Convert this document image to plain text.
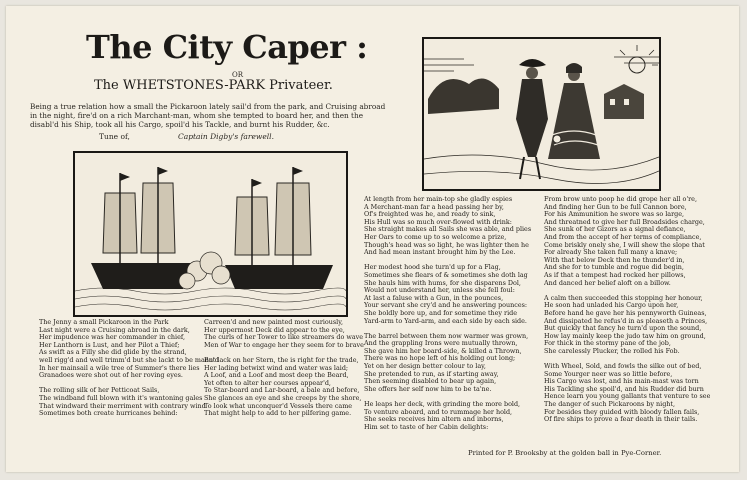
The City Caper :
OR
The WHETSTONES-PARK Privateer.
Being a true relation how a small the Pickaroon lately sail'd from the park, and Cruising abroad in the night, fire'd on a rich Marchant-man, whom she tempted to board her, and then the disabl'd his Ship, took all his Cargo, spoil'd his Tackle, and burnt his Rudder, &c.
Tune of,	Captain Digby's farewell.
The Jenny a small Pickaroon in the Park
Last night were a Cruising abroad in the dark,
Her impudence was her commander in chief,
Her Lanthorn is Lust, and her Pilot a Thief;
As swift as a Filly she did glide by the strand,
well rigg'd and well trimm'd but she lackt to be mann'd
In her mainsail a wile tree of Summer's there lies
Granadoes were shot out of her roving eyes.

The rolling silk of her Petticoat Sails,
The windband full blown with it's wantoning gales
That windward their merriment with contrary wind
Sometimes both create hurricanes behind:
Carreen'd and new painted most curiously,
Her uppermost Deck did appear to the eye,
The curls of her Tower to like streamers do wave
Men of War to engage her they seem for to brave

But lack on her Stern, the is right for the trade,
Her lading betwixt wind and water was laid;
A Loof, and a Loof and most deep the Beard,
Yet often to alter her courses appear'd,
To Star-board and Lar-board, a bale and before,
She glances an eye and she creeps by the shore,
To look what unconquer'd Vessels there came
That might help to add to her pilfering game.
At length from her main-top she gladly espies
A Merchant-man far a head passing her by,
Of's freighted was he, and ready to sink,
His Hull was so much over-flowed with drink:
She straight makes all Sails she was able, and plies
Her Oars to come up to so welcome a prize,
Though's head was so light, he was lighter then he
And had mean instant brought him by the Lee.

Her modest hood she turn'd up for a Flag,
Sometimes she flears of & sometimes she doth lag
She hauls him with hums, for she disparens Dol,
Would not understand her, unless she fell foul:
At last a faluse with a Gun, in the pounces,
Your servant she cry'd and he answering pounces:
She boldly bore up, and for sometime they ride
Yard-arm to Yard-arm, and each side by each side.

The barrel between them now warmer was grown,
And the grappling Irons were mutually thrown,
She gave him her board-side, & killed a Thrown,
There was no hope left of his holding out long;
Yet on her design better colour to lay,
She pretended to run, as if starting away,
Then seeming disabled to bear up again,
She offers her self now him to be ta'ne.

He leaps her deck, with grinding the more bold,
To venture aboard, and to rummage her hold,
She seeks receives him altern and inborns,
Him set to taste of her Cabin delights:
From brow unto poop he did grope her all o're,
And finding her Gun to be full Cannon bore,
For his Ammunition he swore was so large,
And threatned to give her full Broadsides charge,
She sunk of her Gizors as a signal defiance,
And from the accept of her terms of compliance,
Come briskly onely she, I will shew the slope that
For already She taken full many a knave;
With that below Deck then he thunder'd in,
And she for to tumble and rogue did begin,
As if that a tempest had rocked her pillows,
And danced her belief aloft on a billow.

A calm then succeeded this stopping her honour,
He soon had unladed his Cargo upon her,
Before hand he gave her his pennyworth Guineas,
And dissipated he refus'd in as pleaseth a Princes,
But quickly that fancy he turn'd upon the sound,
How lay mainly keep the judo taw him on ground,
For thick in the stormy pane of the job,
She carelessly Plucker, the rolled his Fob.

With Wheel, Sold, and fowls the silke out of bed,
Some Yourger neer was so little before,
His Cargo was lost, and his main-mast was torn
His Tackling she spoil'd, and his Rudder did burn
Hence learn you young gallants that venture to see
The danger of such Pickaroons by night,
For besides they guided with bloody fallen fails,
Of fire ships to prove a fear death in their tails.
Printed for P. Brooksby at the golden ball in Pye-Corner.
